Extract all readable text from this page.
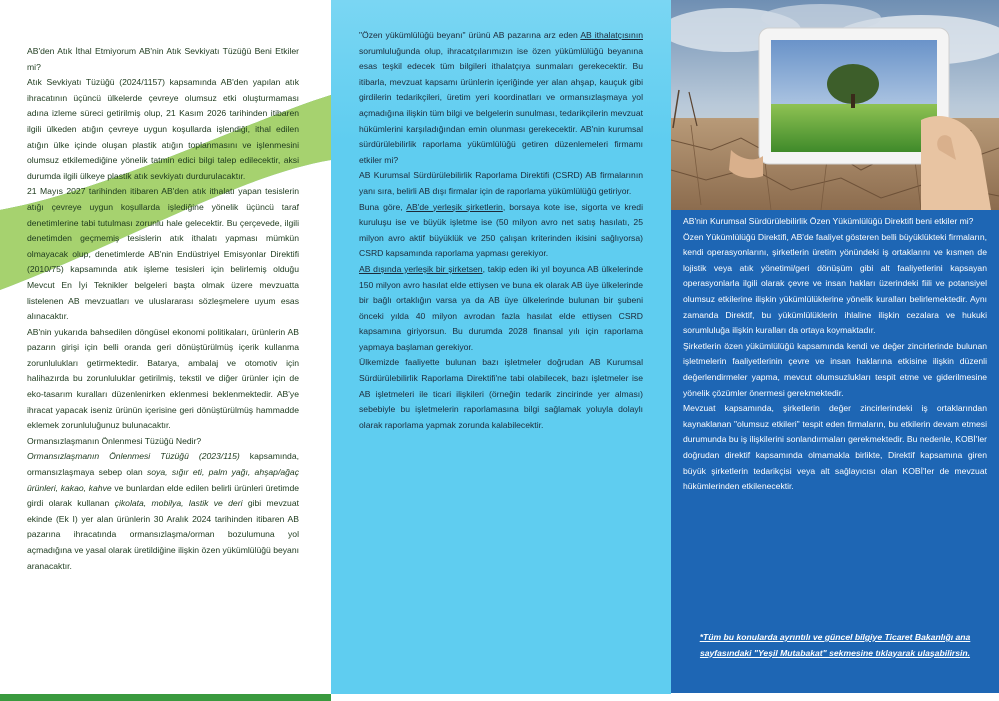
AB'den Atık İthal Etmiyorum AB'nin Atık Sevkiyatı Tüzüğü Beni Etkiler mi?

Atık Sevkiyatı Tüzüğü (2024/1157) kapsamında AB'den yapılan atık ihracatının üçüncü ülkelerde çevreye olumsuz etki oluşturmaması adına izleme süreci getirilmiş olup, 21 Kasım 2026 tarihinden itibaren ilgili ülkeden atığın çevreye uygun koşullarda işlendiği, ithal edilen atığın ülke içinde oluşan plastik atığın toplanmasını ve işlenmesini olumsuz etkilemediğine yönelik tatmin edici bilgi talep edilecektir, aksi durumda ilgili ülkeye plastik atık sevkiyatı durdurulacaktır.

21 Mayıs 2027 tarihinden itibaren AB'den atık ithalatı yapan tesislerin atığı çevreye uygun koşullarda işlediğine yönelik üçüncü taraf denetimlerine tabi tutulması zorunlu hale gelecektir. Bu çerçevede, ilgili denetimden geçmemiş tesislerin atık ithalatı yapması mümkün olmayacak olup, denetimlerde AB'nin Endüstriyel Emisyonlar Direktifi (2010/75) kapsamında atık işleme tesisleri için belirlemiş olduğu Mevcut En İyi Teknikler belgeleri başta olmak üzere mevzuatta listelenen AB mevzuatları ve uluslararası sözleşmelere uyum esas alınacaktır.

AB'nin yukarıda bahsedilen döngüsel ekonomi politikaları, ürünlerin AB pazarın girişi için belli oranda geri dönüştürülmüş içerik kullanma zorunlulukları getirmektedir. Batarya, ambalaj ve otomotiv için halihazırda bu zorunluluklar getirilmiş, tekstil ve diğer ürünler için de eko-tasarım kuralları düzenlenirken eklenmesi beklenmektedir. AB'ye ihracat yapacak iseniz ürünün içerisine geri dönüştürülmüş hammadde eklemek zorunluluğunuz bulunacaktır.

Ormansızlaşmanın Önlenmesi Tüzüğü Nedir?

Ormansızlaşmanın Önlenmesi Tüzüğü (2023/115) kapsamında, ormansızlaşmaya sebep olan soya, sığır eti, palm yağı, ahşap/ağaç ürünleri, kakao, kahve ve bunlardan elde edilen belirli ürünleri üretimde girdi olarak kullanan çikolata, mobilya, lastik ve deri gibi mevzuat ekinde (Ek I) yer alan ürünlerin 30 Aralık 2024 tarihinden itibaren AB pazarına ihracatında ormansızlaşma/orman bozulumuna yol açmadığına ve yasal olarak üretildiğine ilişkin özen yükümlülüğü beyanı aranacaktır.

"Özen yükümlülüğü beyanı" ürünü AB pazarına arz eden AB ithalatçısının sorumluluğunda olup, ihracatçılarımızın ise özen yükümlülüğü beyanına esas teşkil edecek tüm bilgileri ithalatçıya sunmaları gerekecektir. Bu itibarla, mevzuat kapsamı ürünlerin içeriğinde yer alan ahşap, kauçuk gibi girdilerin tedarikçileri, üretim yeri koordinatları ve ormansızlaşmaya yol açmadığına ilişkin tüm bilgi ve belgelerin sunulması, tedarikçilerin mevzuat hükümlerini karşıladığından emin olunması gerekecektir. AB'nin kurumsal sürdürülebilirlik raporlama yükümlülüğü getiren düzenlemeleri firmamı etkiler mi?

AB Kurumsal Sürdürülebilirlik Raporlama Direktifi (CSRD) AB firmalarının yanı sıra, belirli AB dışı firmalar için de raporlama yükümlülüğü getiriyor.

Buna göre, AB'de yerleşik şirketlerin, borsaya kote ise, sigorta ve kredi kuruluşu ise ve büyük işletme ise (50 milyon avro net satış hasılatı, 25 milyon avro aktif büyüklük ve 250 çalışan kriterinden ikisini sağlıyorsa) CSRD kapsamında raporlama yapması gerekiyor.

AB dışında yerleşik bir şirketsen, takip eden iki yıl boyunca AB ülkelerinde 150 milyon avro hasılat elde ettiysen ve buna ek olarak AB üye ülkelerinde bir bağlı ortaklığın varsa ya da AB üye ülkelerinde bulunan bir şubeni önceki yılda 40 milyon avrodan fazla hasılat elde ettiysen CSRD kapsamına giriyorsun. Bu durumda 2028 finansal yılı için raporlama yapmaya başlaman gerekiyor.

Ülkemizde faaliyette bulunan bazı işletmeler doğrudan AB Kurumsal Sürdürülebilirlik Raporlama Direktifi'ne tabi olabilecek, bazı işletmeler ise AB işletmeleri ile ticari ilişkileri (örneğin tedarik zincirinde yer alması) sebebiyle bu işletmelerin raporlamasına bilgi sağlamak yoluyla dolaylı olarak raporlama yapmak zorunda kalabilecektir.

AB'nin Kurumsal Sürdürülebilirlik Özen Yükümlülüğü Direktifi beni etkiler mi?

Özen Yükümlülüğü Direktifi, AB'de faaliyet gösteren belli büyüklükteki firmaların, kendi operasyonlarını, şirketlerin üretim yönündeki iş ortaklarını ve kısmen de lojistik veya atık yönetimi/geri dönüşüm gibi alt faaliyetlerini kapsayan operasyonlarla ilgili olarak çevre ve insan hakları üzerindeki fiili ve potansiyel olumsuz etkilerine ilişkin yükümlülüklerine yönelik kuralları belirlemektedir. Aynı zamanda Direktif, bu yükümlülüklerin ihlaline ilişkin cezalara ve hukuki sorumluluğa ilişkin kuralları da ortaya koymaktadır.

Şirketlerin özen yükümlülüğü kapsamında kendi ve değer zincirlerinde bulunan işletmelerin faaliyetlerinin çevre ve insan haklarına etkisine ilişkin düzenli değerlendirmeler yapma, mevcut olumsuzlukları tespit etme ve giderilmesine yönelik çözümler önermesi gerekmektedir.

Mevzuat kapsamında, şirketlerin değer zincirlerindeki iş ortaklarından kaynaklanan "olumsuz etkileri" tespit eden firmaların, bu etkilerin devam etmesi durumunda bu iş ilişkilerini sonlandırmaları gerekmektedir. Bu nedenle, KOBİ'ler doğrudan direktif kapsamında olmamakla birlikte, Direktif kapsamına giren büyük şirketlerin tedarikçisi veya alt sağlayıcısı olan KOBİ'ler de mevzuat hükümlerinden etkilenecektir.

*Tüm bu konularda ayrıntılı ve güncel bilgiye Ticaret Bakanlığı ana sayfasındaki "Yeşil Mutabakat" sekmesine tıklayarak ulaşabilirsin.
